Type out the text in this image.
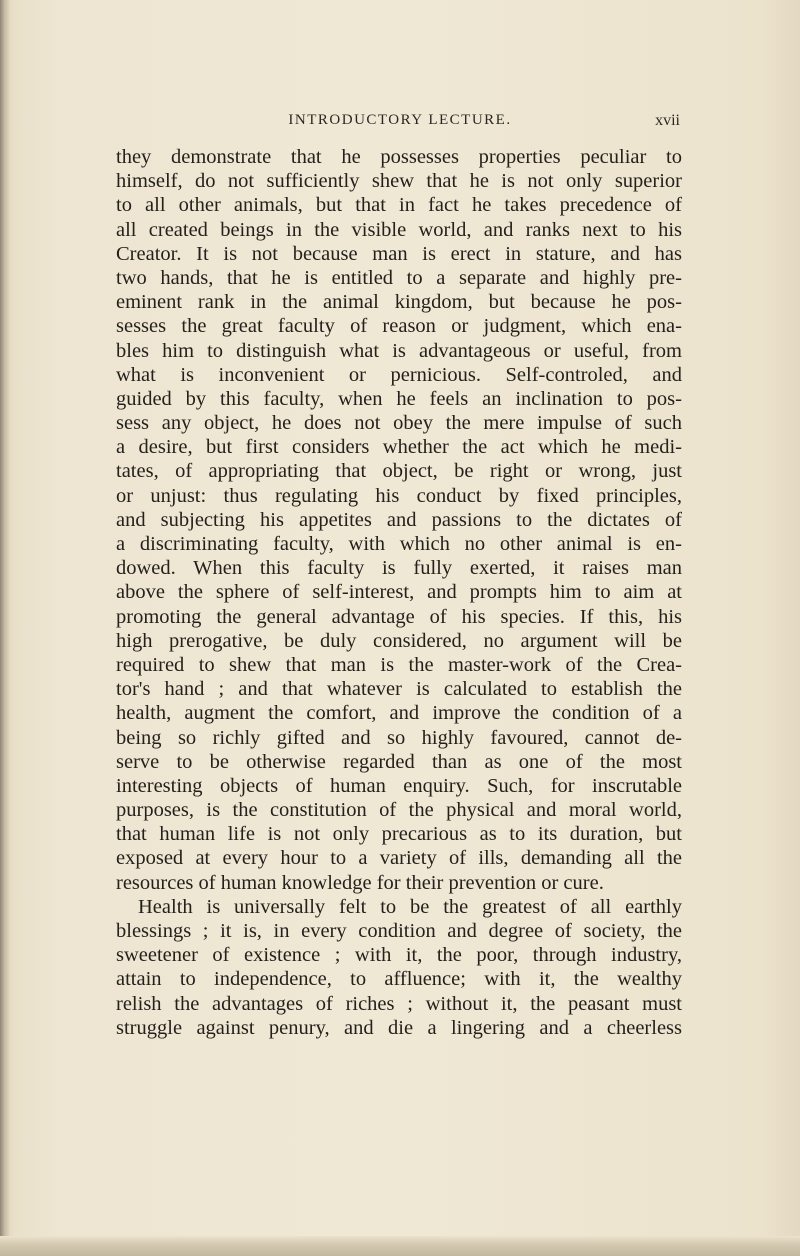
INTRODUCTORY LECTURE.	xvii
they demonstrate that he possesses properties peculiar to
himself, do not sufficiently shew that he is not only superior
to all other animals, but that in fact he takes precedence of
all created beings in the visible world, and ranks next to his
Creator. It is not because man is erect in stature, and has
two hands, that he is entitled to a separate and highly pre-
eminent rank in the animal kingdom, but because he pos-
sesses the great faculty of reason or judgment, which ena-
bles him to distinguish what is advantageous or useful, from
what is inconvenient or pernicious. Self-controled, and
guided by this faculty, when he feels an inclination to pos-
sess any object, he does not obey the mere impulse of such
a desire, but first considers whether the act which he medi-
tates, of appropriating that object, be right or wrong, just
or unjust: thus regulating his conduct by fixed principles,
and subjecting his appetites and passions to the dictates of
a discriminating faculty, with which no other animal is en-
dowed. When this faculty is fully exerted, it raises man
above the sphere of self-interest, and prompts him to aim at
promoting the general advantage of his species. If this, his
high prerogative, be duly considered, no argument will be
required to shew that man is the master-work of the Crea-
tor's hand ; and that whatever is calculated to establish the
health, augment the comfort, and improve the condition of a
being so richly gifted and so highly favoured, cannot de-
serve to be otherwise regarded than as one of the most
interesting objects of human enquiry. Such, for inscrutable
purposes, is the constitution of the physical and moral world,
that human life is not only precarious as to its duration, but
exposed at every hour to a variety of ills, demanding all the
resources of human knowledge for their prevention or cure.
Health is universally felt to be the greatest of all earthly
blessings ; it is, in every condition and degree of society, the
sweetener of existence ; with it, the poor, through industry,
attain to independence, to affluence; with it, the wealthy
relish the advantages of riches ; without it, the peasant must
struggle against penury, and die a lingering and a cheerless
